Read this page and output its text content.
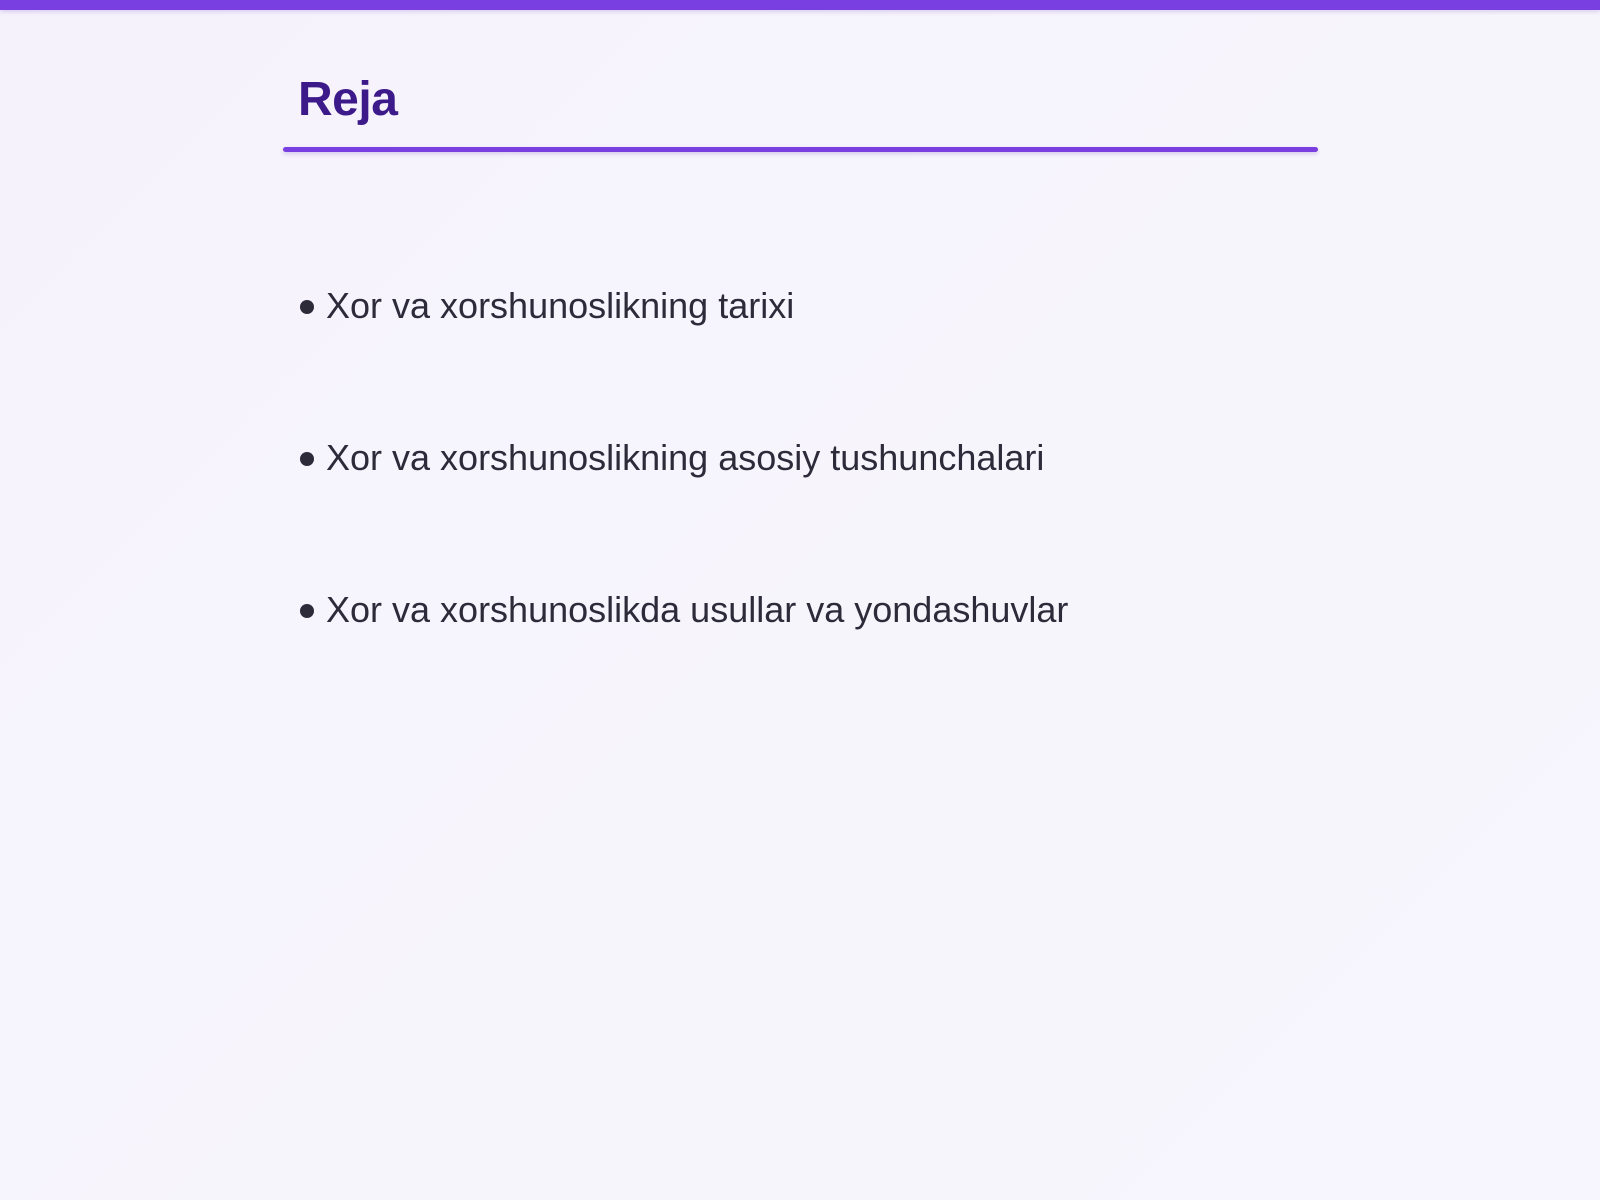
Reja
Xor va xorshunoslikning tarixi
Xor va xorshunoslikning asosiy tushunchalari
Xor va xorshunoslikda usullar va yondashuvlar
